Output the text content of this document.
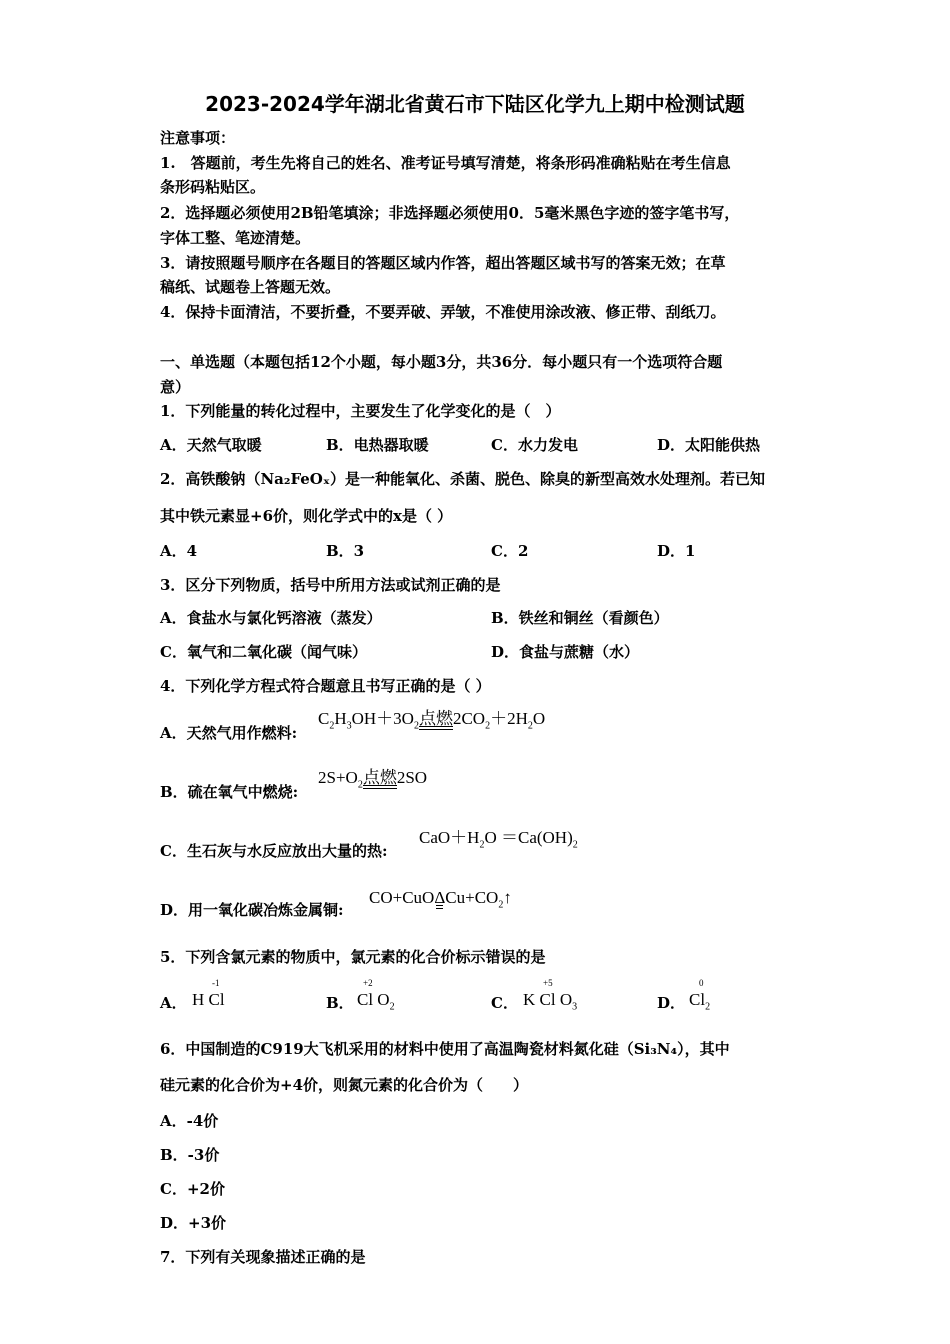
2023-2024学年湖北省黄石市下陆区化学九上期中检测试题
注意事项：
1.　答题前，考生先将自己的姓名、准考证号填写清楚，将条形码准确粘贴在考生信息
条形码粘贴区。
2．选择题必须使用2B铅笔填涂；非选择题必须使用0．5毫米黑色字迹的签字笔书写，
字体工整、笔迹清楚。
3．请按照题号顺序在各题目的答题区域内作答，超出答题区域书写的答案无效；在草
稿纸、试题卷上答题无效。
4．保持卡面清洁，不要折叠，不要弄破、弄皱，不准使用涂改液、修正带、刮纸刀。
一、单选题（本题包括12个小题，每小题3分，共36分．每小题只有一个选项符合题
意）
1．下列能量的转化过程中，主要发生了化学变化的是（　）
A．天然气取暖	B．电热器取暖	C．水力发电	D．太阳能供热
2．高铁酸钠（Na₂FeOₓ）是一种能氧化、杀菌、脱色、除臭的新型高效水处理剂。若已知
其中铁元素显+6价，则化学式中的x是（ ）
A．4	B．3	C．2	D．1
3．区分下列物质，括号中所用方法或试剂正确的是
A．食盐水与氯化钙溶液（蒸发）	B．铁丝和铜丝（看颜色）
C．氧气和二氧化碳（闻气味）	D．食盐与蔗糖（水）
4．下列化学方程式符合题意且书写正确的是（ ）
A．天然气用作燃料:
$C_2H_3OH+3O_2$点燃
$2CO_2+2H_2O$
B．硫在氧气中燃烧:
$2S+O_2$点燃
2SO
C．生石灰与水反应放出大量的热:
$CaO+H_2O =Ca(OH)_2$
D．用一氧化碳冶炼金属铜:
CO+CuOΔ
$Cu+CO_2↑$
5．下列含氯元素的物质中，氯元素的化合价标示错误的是
A．
-1
H Cl	B．
+2
Cl $O_2$	C．
+5
K Cl $O_3$	D．
0
$Cl_2$
6．中国制造的C919大飞机采用的材料中使用了高温陶瓷材料氮化硅（Si₃N₄），其中
硅元素的化合价为+4价，则氮元素的化合价为（　　）
A．-4价
B．-3价
C．+2价
D．+3价
7．下列有关现象描述正确的是
